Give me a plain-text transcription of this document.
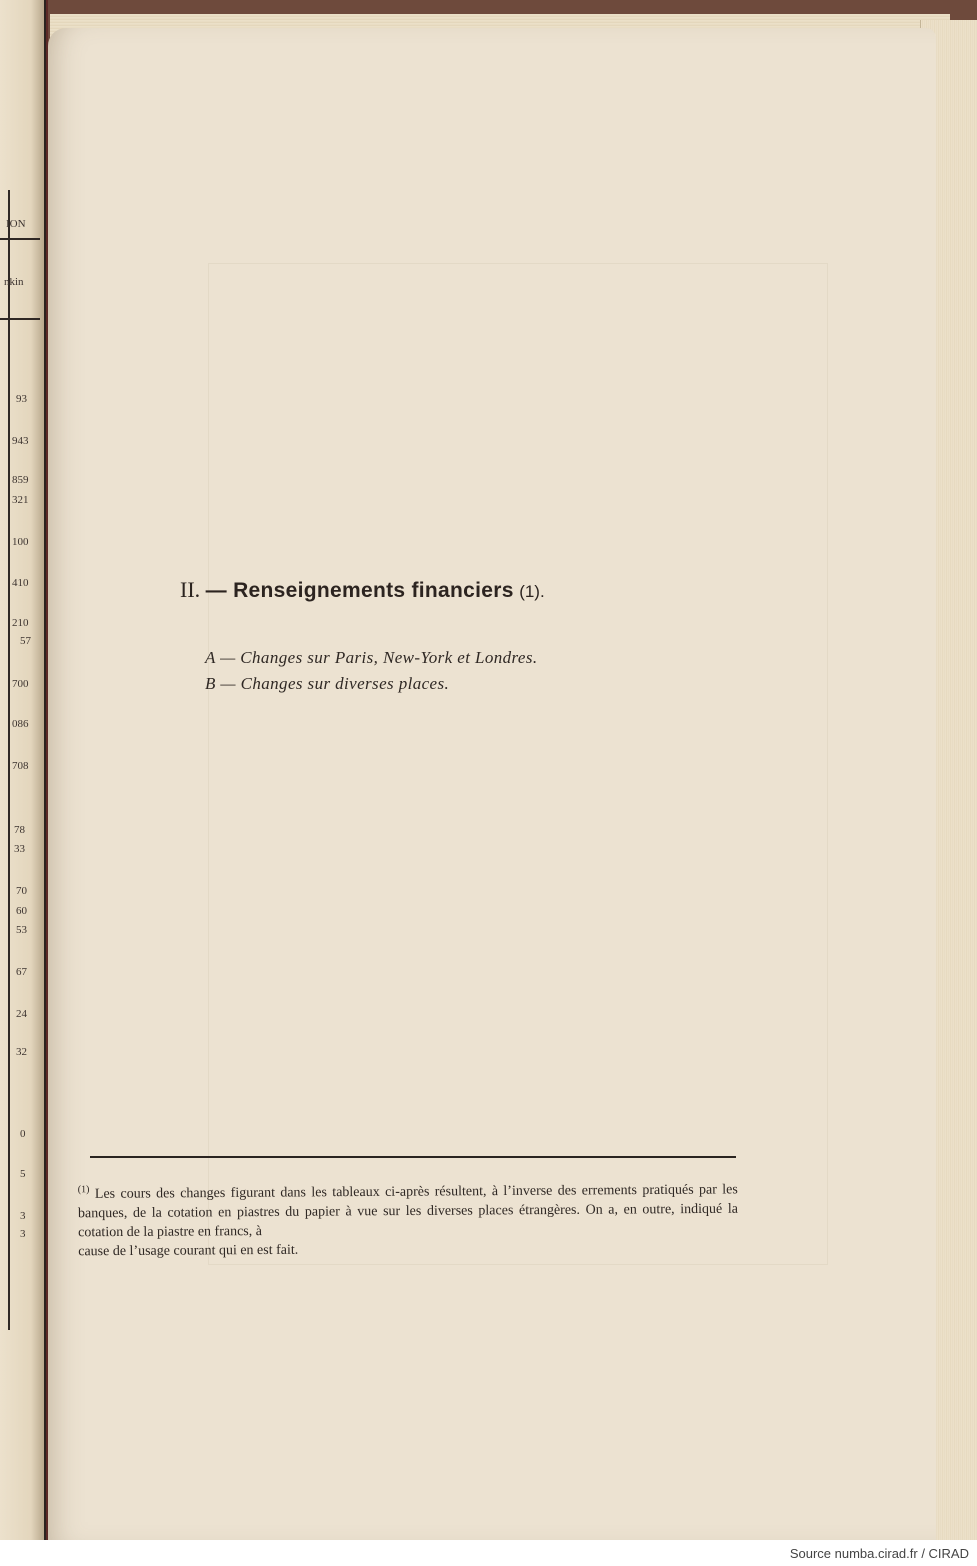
ION
nkin
93
943
859
321
100
410
210
57
700
086
708
78
33
70
60
53
67
24
32
0
5
3
3
II. — Renseignements financiers (1).
A — Changes sur Paris, New-York et Londres.
B — Changes sur diverses places.
$^{(1)}$ Les cours des changes figurant dans les tableaux ci-après résultent, à l’inverse des errements pratiqués par les banques, de la cotation en piastres du papier à vue sur les diverses places étrangères. On a, en outre, indiqué la cotation de la piastre en francs, à
cause de l’usage courant qui en est fait.
Source numba.cirad.fr / CIRAD
